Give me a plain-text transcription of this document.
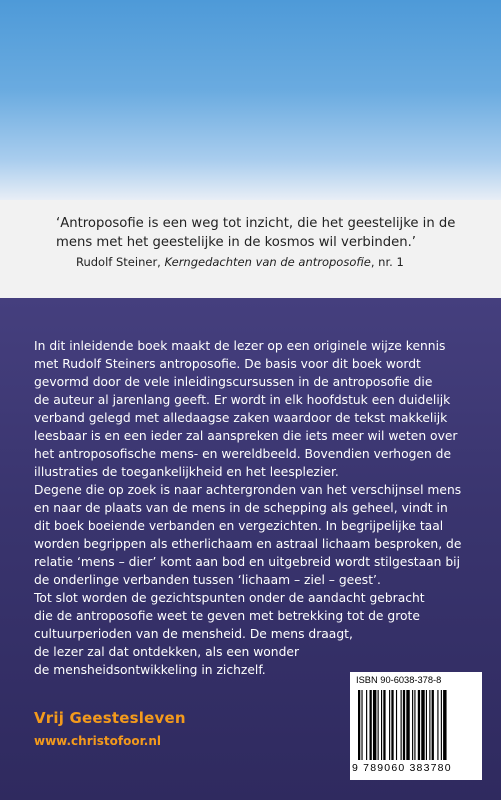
‘Antroposofie is een weg tot inzicht, die het geestelijke in de
mens met het geestelijke in de kosmos wil verbinden.’
Rudolf Steiner, Kerngedachten van de antroposofie, nr. 1

In dit inleidende boek maakt de lezer op een originele wijze kennis

met Rudolf Steiners antroposofie. De basis voor dit boek wordt

gevormd door de vele inleidingscursussen in de antroposofie die

de auteur al jarenlang geeft. Er wordt in elk hoofdstuk een duidelijk

verband gelegd met alledaagse zaken waardoor de tekst makkelijk

leesbaar is en een ieder zal aanspreken die iets meer wil weten over

het antroposofische mens- en wereldbeeld. Bovendien verhogen de

illustraties de toegankelijkheid en het leesplezier.

Degene die op zoek is naar achtergronden van het verschijnsel mens

en naar de plaats van de mens in de schepping als geheel, vindt in

dit boek boeiende verbanden en vergezichten. In begrijpelijke taal

worden begrippen als etherlichaam en astraal lichaam besproken, de

relatie ‘mens – dier’ komt aan bod en uitgebreid wordt stilgestaan bij

de onderlinge verbanden tussen ‘lichaam – ziel – geest’.

Tot slot worden de gezichtspunten onder de aandacht gebracht

die de antroposofie weet te geven met betrekking tot de grote

cultuurperioden van de mensheid. De mens draagt,

de lezer zal dat ontdekken, als een wonder

de mensheidsontwikkeling in zichzelf.

Vrij Geestesleven
www.christofoor.nl
ISBN 90-6038-378-8
9 789060 383780
